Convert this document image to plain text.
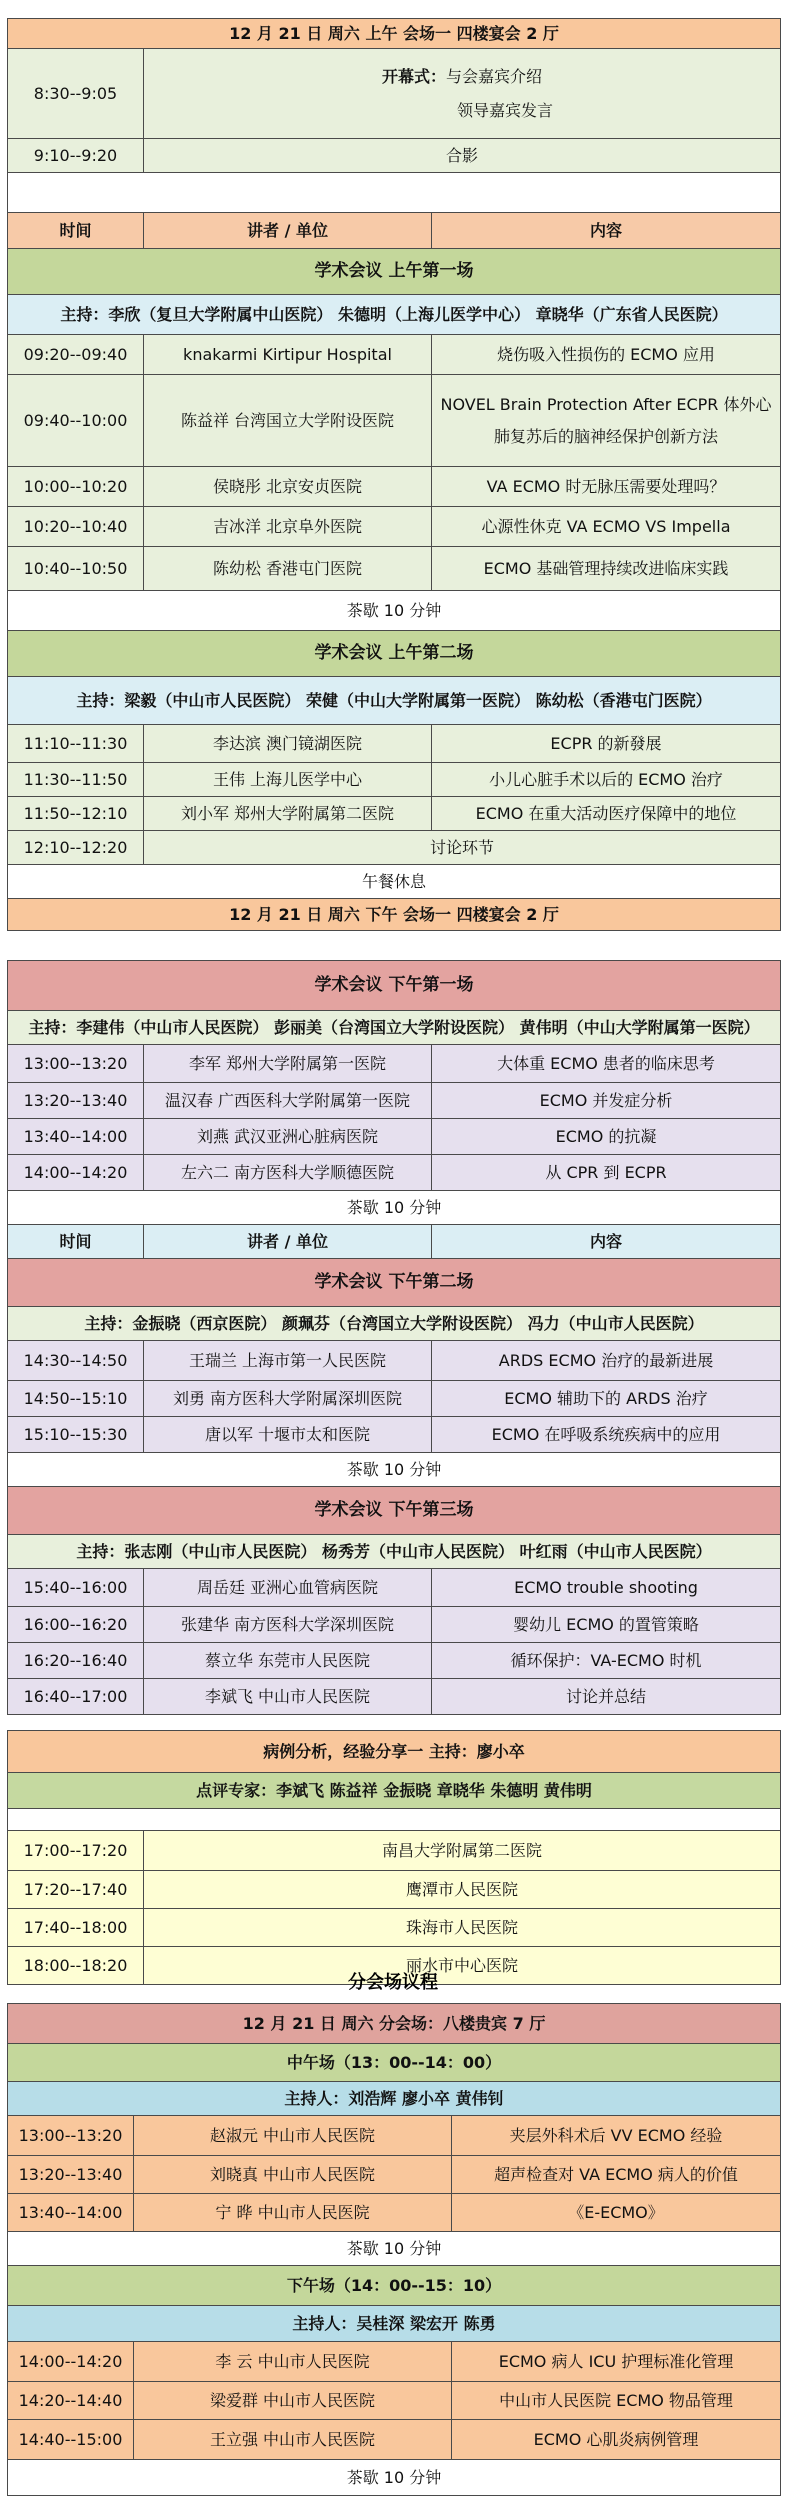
12 月 21 日 周六 上午 会场一 四楼宴会 2 厅		
8:30--9:05	开幕式：与会嘉宾介绍
领导嘉宾发言	

9:10--9:20	合影	

时间	讲者 / 单位	内容
学术会议 上午第一场		
主持：李欣（复旦大学附属中山医院） 朱德明（上海儿医学中心） 章晓华（广东省人民医院）		
09:20--09:40	knakarmi Kirtipur Hospital	烧伤吸入性损伤的 ECMO 应用
09:40--10:00	陈益祥 台湾国立大学附设医院	NOVEL Brain Protection After ECPR 体外心肺复苏后的脑神经保护创新方法
10:00--10:20	侯晓彤 北京安贞医院	VA ECMO 时无脉压需要处理吗？
10:20--10:40	吉冰洋 北京阜外医院	心源性休克 VA ECMO VS Impella
10:40--10:50	陈幼松 香港屯门医院	ECMO 基础管理持续改进临床实践
茶歇 10 分钟		
学术会议 上午第二场		
主持：梁毅（中山市人民医院） 荣健（中山大学附属第一医院） 陈幼松（香港屯门医院）		
11:10--11:30	李达滨 澳门镜湖医院	ECPR 的新發展
11:30--11:50	王伟 上海儿医学中心	小儿心脏手术以后的 ECMO 治疗
11:50--12:10	刘小军 郑州大学附属第二医院	ECMO 在重大活动医疗保障中的地位
12:10--12:20	讨论环节	
午餐休息		
12 月 21 日 周六 下午 会场一 四楼宴会 2 厅		
学术会议 下午第一场		
主持：李建伟（中山市人民医院） 彭丽美（台湾国立大学附设医院） 黄伟明（中山大学附属第一医院）		
13:00--13:20	李军 郑州大学附属第一医院	大体重 ECMO 患者的临床思考
13:20--13:40	温汉春 广西医科大学附属第一医院	ECMO 并发症分析
13:40--14:00	刘燕 武汉亚洲心脏病医院	ECMO 的抗凝
14:00--14:20	左六二 南方医科大学顺德医院	从 CPR 到 ECPR
茶歇 10 分钟		
时间	讲者 / 单位	内容
学术会议 下午第二场		
主持：金振晓（西京医院） 颜珮芬（台湾国立大学附设医院） 冯力（中山市人民医院）		
14:30--14:50	王瑞兰 上海市第一人民医院	ARDS ECMO 治疗的最新进展
14:50--15:10	刘勇 南方医科大学附属深圳医院	ECMO 辅助下的 ARDS 治疗
15:10--15:30	唐以军 十堰市太和医院	ECMO 在呼吸系统疾病中的应用
茶歇 10 分钟		
学术会议 下午第三场		
主持：张志刚（中山市人民医院） 杨秀芳（中山市人民医院） 叶红雨（中山市人民医院）		
15:40--16:00	周岳廷 亚洲心血管病医院	ECMO trouble shooting
16:00--16:20	张建华 南方医科大学深圳医院	婴幼儿 ECMO 的置管策略
16:20--16:40	蔡立华 东莞市人民医院	循环保护：VA-ECMO 时机
16:40--17:00	李斌飞 中山市人民医院	讨论并总结
病例分析，经验分享一 主持：廖小卒	
点评专家：李斌飞 陈益祥 金振晓 章晓华 朱德明 黄伟明	

17:00--17:20	南昌大学附属第二医院
17:20--17:40	鹰潭市人民医院
17:40--18:00	珠海市人民医院
18:00--18:20	丽水市中心医院
分会场议程
12 月 21 日 周六 分会场：八楼贵宾 7 厅		
中午场（13：00--14：00）		
主持人：刘浩辉 廖小卒 黄伟钊		
13:00--13:20	赵淑元 中山市人民医院	夹层外科术后 VV ECMO 经验
13:20--13:40	刘晓真 中山市人民医院	超声检查对 VA ECMO 病人的价值
13:40--14:00	宁 晔 中山市人民医院	《E-ECMO》
茶歇 10 分钟		
下午场（14：00--15：10）		
主持人：吴桂深 梁宏开 陈勇		
14:00--14:20	李 云 中山市人民医院	ECMO 病人 ICU 护理标准化管理
14:20--14:40	梁爱群 中山市人民医院	中山市人民医院 ECMO 物品管理
14:40--15:00	王立强 中山市人民医院	ECMO 心肌炎病例管理
茶歇 10 分钟		
